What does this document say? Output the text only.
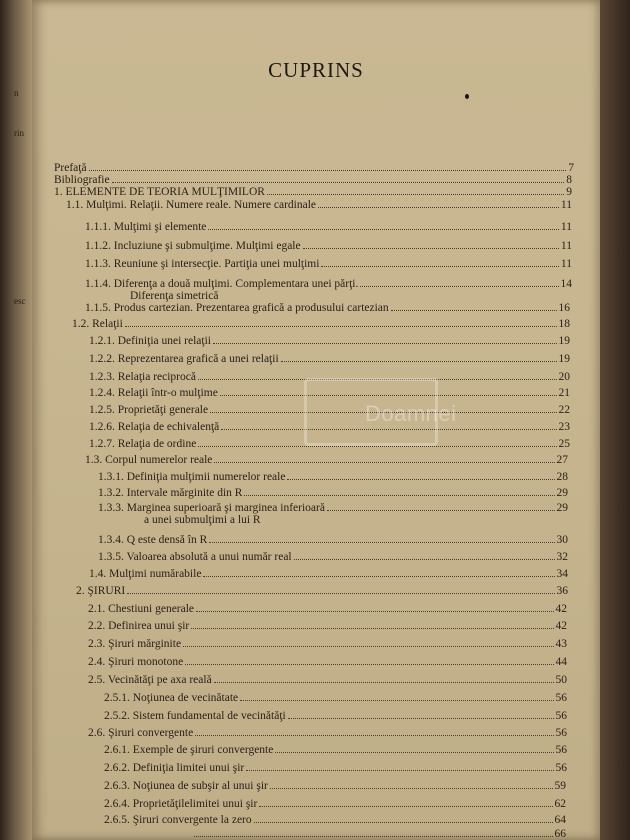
n
rin
esc
CUPRINS
Prefaţă	7
Bibliografie	8
1. ELEMENTE DE TEORIA MULŢIMILOR	9
1.1. Mulţimi. Relaţii. Numere reale. Numere cardinale	11
1.1.1. Mulţimi şi elemente	11
1.1.2. Incluziune şi submulţime. Mulţimi egale	11
1.1.3. Reuniune şi intersecţie. Partiţia unei mulţimi	11
1.1.4. Diferenţa a două mulţimi. Complementara unei părţi.	14
Diferenţa simetrică
1.1.5. Produs cartezian. Prezentarea grafică a produsului cartezian	16
1.2. Relaţii	18
1.2.1. Definiţia unei relaţii	19
1.2.2. Reprezentarea grafică a unei relaţii	19
1.2.3. Relaţia reciprocă	20
1.2.4. Relaţii într-o mulţime	21
1.2.5. Proprietăţi generale	22
1.2.6. Relaţia de echivalenţă	23
1.2.7. Relaţia de ordine	25
1.3. Corpul numerelor reale	27
1.3.1. Definiţia mulţimii numerelor reale	28
1.3.2. Intervale mărginite din R	29
1.3.3. Marginea superioară şi marginea inferioară	29
a unei submulţimi a lui R
1.3.4. Q este densă în R	30
1.3.5. Valoarea absolută a unui număr real	32
1.4. Mulţimi numărabile	34
2. ŞIRURI	36
2.1. Chestiuni generale	42
2.2. Definirea unui şir	42
2.3. Şiruri mărginite	43
2.4. Şiruri monotone	44
2.5. Vecinătăţi pe axa reală	50
2.5.1. Noţiunea de vecinătate	56
2.5.2. Sistem fundamental de vecinătăţi	56
2.6. Şiruri convergente	56
2.6.1. Exemple de şiruri convergente	56
2.6.2. Definiţia limitei unui şir	56
2.6.3. Noţiunea de subşir al unui şir	59
2.6.4. Proprietăţilelimitei unui şir	62
2.6.5. Şiruri convergente la zero	64
66
Doamnei
